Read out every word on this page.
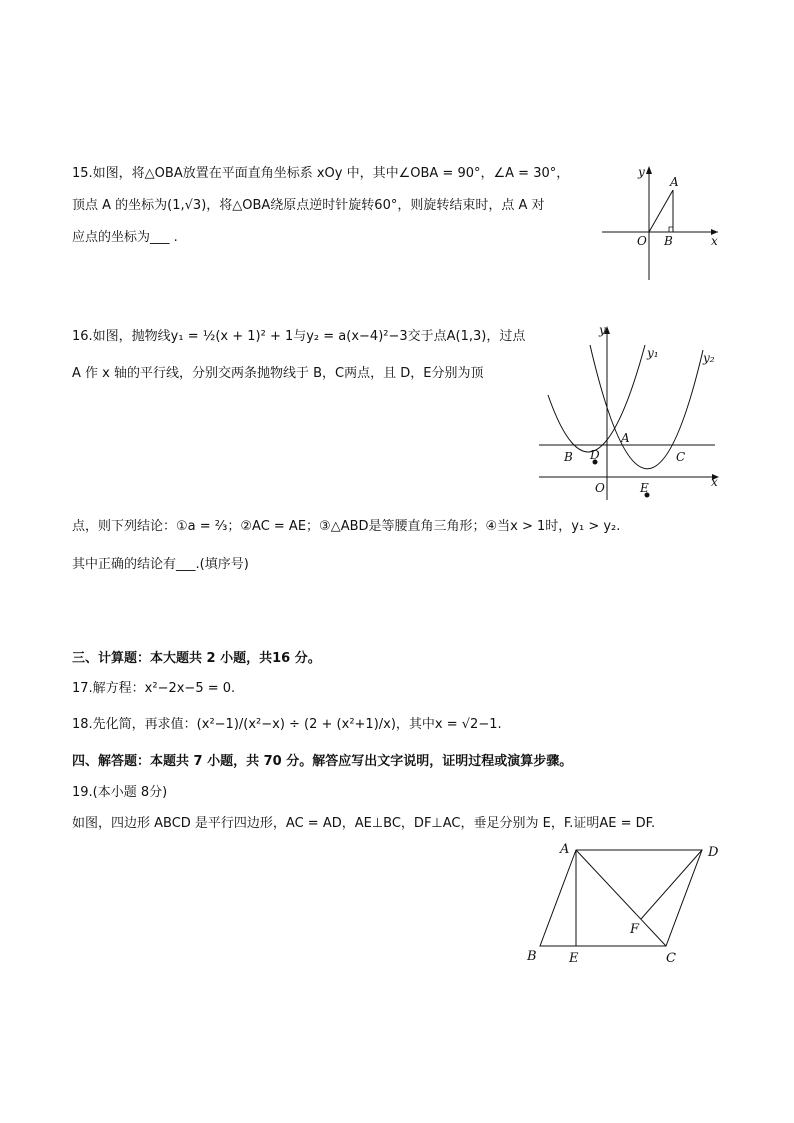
15.如图，将△OBA放置在平面直角坐标系 xOy 中，其中∠OBA = 90°，∠A = 30°，
顶点 A 的坐标为(1,√3)，将△OBA绕原点逆时针旋转60°，则旋转结束时，点 A 对
应点的坐标为___ .
y
A
O B	x
16.如图，抛物线y₁ = ½(x + 1)² + 1与y₂ = a(x−4)²−3交于点A(1,3)，过点
A 作 x 轴的平行线，分别交两条抛物线于 B，C两点，且 D，E分别为顶
点，则下列结论：①a = ⅔；②AC = AE；③△ABD是等腰直角三角形；④当x > 1时，y₁ > y₂.
其中正确的结论有___.(填序号)
y
y₁	y₂
A
B D	C
O	E	x
三、计算题：本大题共 2 小题，共16 分。
17.解方程：x²−2x−5 = 0.
18.先化简，再求值：(x²−1)/(x²−x) ÷ (2 + (x²+1)/x)，其中x = √2−1.
四、解答题：本题共 7 小题，共 70 分。解答应写出文字说明，证明过程或演算步骤。
19.(本小题 8分)
如图，四边形 ABCD 是平行四边形，AC = AD，AE⊥BC，DF⊥AC，垂足分别为 E，F.证明AE = DF.
A	D
F
B E	C
